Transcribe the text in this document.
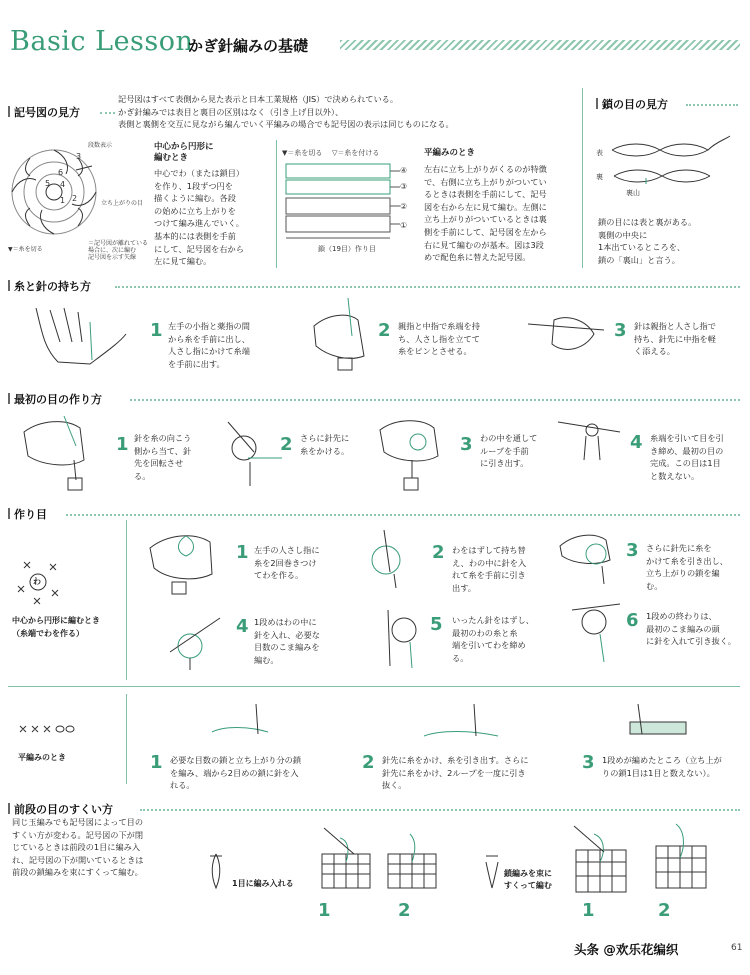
Basic Lesson
かぎ針編みの基礎
記号図の見方
記号図はすべて表側から見た表示と日本工業規格（JIS）で決められている。
かぎ針編みでは表目と裏目の区別はなく（引き上げ目以外）、
表側と裏側を交互に見ながら編んでいく平編みの場合でも記号図の表示は同じものになる。
6
5 4
3
2
1
段数表示
立ち上がりの目
▼＝糸を切る
＝記号図が離れている
場合に、次に編む
記号図を示す矢線
中心から円形に
編むとき
中心でわ（または鎖目）
を作り、1段ずつ円を
描くように編む。各段
の始めに立ち上がりを
つけて編み進んでいく。
基本的には表側を手前
にして、記号図を右から
左に見て編む。
▼＝糸を切る ▽＝糸を付ける
④
③
②
①
鎖（19目）作り目
平編みのとき
左右に立ち上がりがくるのが特徴
で、右側に立ち上がりがついてい
るときは表側を手前にして、記号
図を右から左に見て編む。左側に
立ち上がりがついているときは裏
側を手前にして、記号図を左から
右に見て編むのが基本。図は3段
めで配色糸に替えた記号図。
鎖の目の見方
表
裏
裏山
鎖の目には表と裏がある。
裏側の中央に
1本出ているところを、
鎖の「裏山」と言う。
糸と針の持ち方
1 左手の小指と薬指の間
から糸を手前に出し、
人さし指にかけて糸端
を手前に出す。
2 親指と中指で糸端を持
ち、人さし指を立てて
糸をピンとさせる。
3 針は親指と人さし指で
持ち、針先に中指を軽
く添える。
最初の目の作り方
1 針を糸の向こう
側から当て、針
先を回転させ
る。
2 さらに針先に
糸をかける。	3 わの中を通して
ループを手前
に引き出す。
4 糸端を引いて目を引
き締め、最初の目の
完成。この目は1目
と数えない。
作り目
わ
中心から円形に編むとき
（糸端でわを作る）
1 左手の人さし指に
糸を2回巻きつけ
てわを作る。
2 わをはずして持ち替
え、わの中に針を入
れて糸を手前に引き
出す。
3 さらに針先に糸を
かけて糸を引き出し、
立ち上がりの鎖を編
む。
4 1段めはわの中に
針を入れ、必要な
目数のこま編みを
編む。
5 いったん針をはずし、
最初のわの糸と糸
端を引いてわを締め
る。
6 1段めの終わりは、
最初のこま編みの頭
に針を入れて引き抜く。
平編みのとき	1 必要な目数の鎖と立ち上がり分の鎖
を編み、端から2目めの鎖に針を入
れる。
2 針先に糸をかけ、糸を引き出す。さらに
針先に糸をかけ、2ループを一度に引き
抜く。
3 1段めが編めたところ（立ち上が
りの鎖1目は1目と数えない）。
前段の目のすくい方
同じ玉編みでも記号図によって目の
すくい方が変わる。記号図の下が閉
じているときは前段の1目に編み入
れ、記号図の下が開いているときは
前段の鎖編みを束にすくって編む。
1目に編み入れる
1	2
鎖編みを束に
すくって編む
1	2
头条 @欢乐花编织	61
